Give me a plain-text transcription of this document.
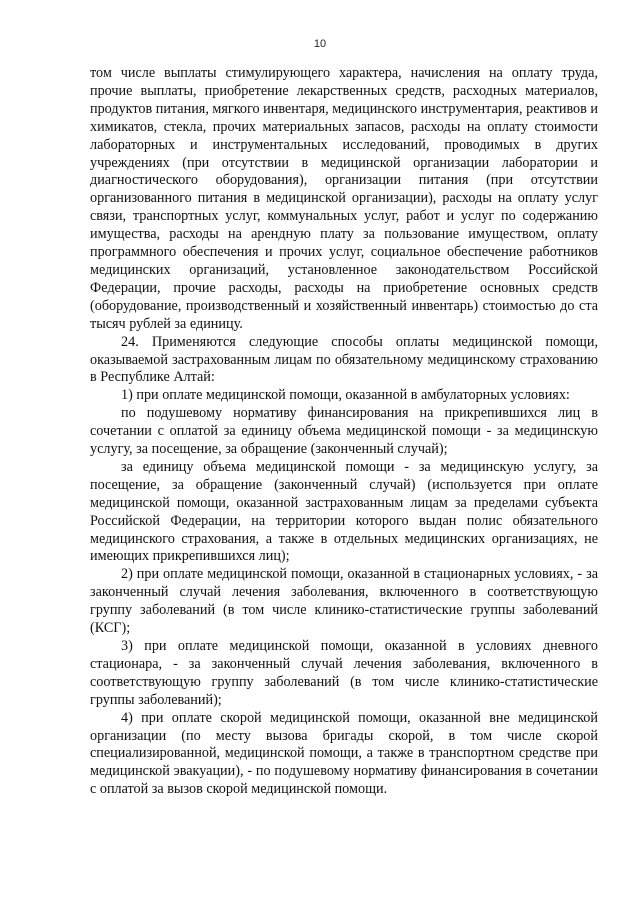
10

том числе выплаты стимулирующего характера, начисления на оплату труда, прочие выплаты, приобретение лекарственных средств, расходных материалов, продуктов питания, мягкого инвентаря, медицинского инструментария, реактивов и химикатов, стекла, прочих материальных запасов, расходы на оплату стоимости лабораторных и инструментальных исследований, проводимых в других учреждениях (при отсутствии в медицинской организации лаборатории и диагностического оборудования), организации питания (при отсутствии организованного питания в медицинской организации), расходы на оплату услуг связи, транспортных услуг, коммунальных услуг, работ и услуг по содержанию имущества, расходы на арендную плату за пользование имуществом, оплату программного обеспечения и прочих услуг, социальное обеспечение работников медицинских организаций, установленное законодательством Российской Федерации, прочие расходы, расходы на приобретение основных средств (оборудование, производственный и хозяйственный инвентарь) стоимостью до ста тысяч рублей за единицу.

24. Применяются следующие способы оплаты медицинской помощи, оказываемой застрахованным лицам по обязательному медицинскому страхованию в Республике Алтай:

1) при оплате медицинской помощи, оказанной в амбулаторных условиях:

по подушевому нормативу финансирования на прикрепившихся лиц в сочетании с оплатой за единицу объема медицинской помощи - за медицинскую услугу, за посещение, за обращение (законченный случай);

за единицу объема медицинской помощи - за медицинскую услугу, за посещение, за обращение (законченный случай) (используется при оплате медицинской помощи, оказанной застрахованным лицам за пределами субъекта Российской Федерации, на территории которого выдан полис обязательного медицинского страхования, а также в отдельных медицинских организациях, не имеющих прикрепившихся лиц);

2) при оплате медицинской помощи, оказанной в стационарных условиях, - за законченный случай лечения заболевания, включенного в соответствующую группу заболеваний (в том числе клинико-статистические группы заболеваний (КСГ);

3) при оплате медицинской помощи, оказанной в условиях дневного стационара, - за законченный случай лечения заболевания, включенного в соответствующую группу заболеваний (в том числе клинико-статистические группы заболеваний);

4) при оплате скорой медицинской помощи, оказанной вне медицинской организации (по месту вызова бригады скорой, в том числе скорой специализированной, медицинской помощи, а также в транспортном средстве при медицинской эвакуации), - по подушевому нормативу финансирования в сочетании с оплатой за вызов скорой медицинской помощи.
